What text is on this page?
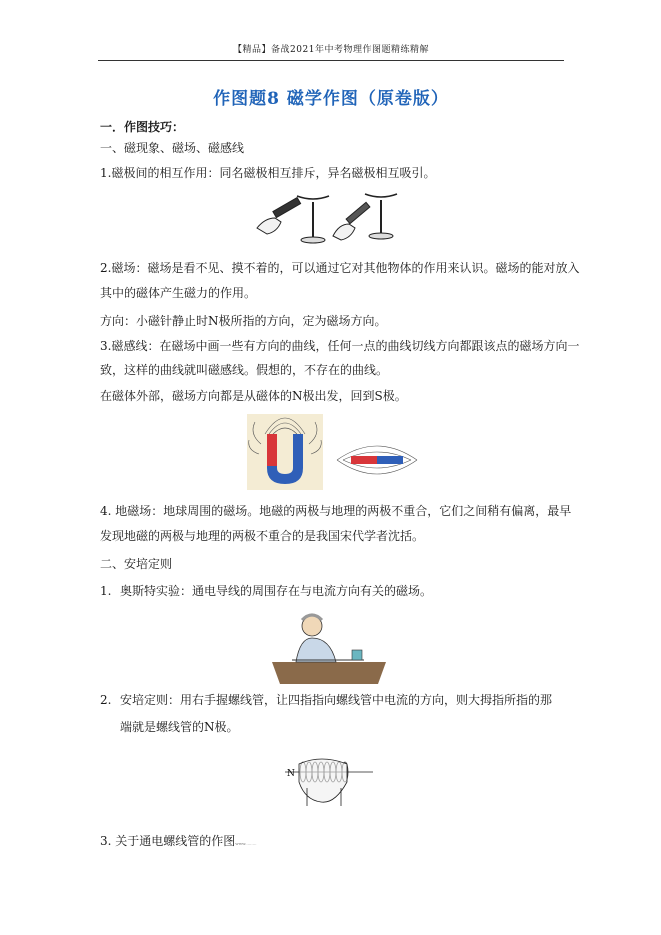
【精品】备战2021年中考物理作图题精练精解
作图题8 磁学作图（原卷版）
一．作图技巧：
一、磁现象、磁场、磁感线
1.磁极间的相互作用：同名磁极相互排斥，异名磁极相互吸引。
2.磁场：磁场是看不见、摸不着的，可以通过它对其他物体的作用来认识。磁场的能对放入
其中的磁体产生磁力的作用。
方向：小磁针静止时N极所指的方向，定为磁场方向。
3.磁感线：在磁场中画一些有方向的曲线，任何一点的曲线切线方向都跟该点的磁场方向一
致，这样的曲线就叫磁感线。假想的，不存在的曲线。
在磁体外部，磁场方向都是从磁体的N极出发，回到S极。
4. 地磁场：地球周围的磁场。地磁的两极与地理的两极不重合，它们之间稍有偏离，最早
发现地磁的两极与地理的两极不重合的是我国宋代学者沈括。
二、安培定则
1. 奥斯特实验：通电导线的周围存在与电流方向有关的磁场。
2. 安培定则：用右手握螺线管，让四指指向螺线管中电流的方向，则大拇指所指的那
端就是螺线管的N极。
N
3. 关于通电螺线管的作图www.........
